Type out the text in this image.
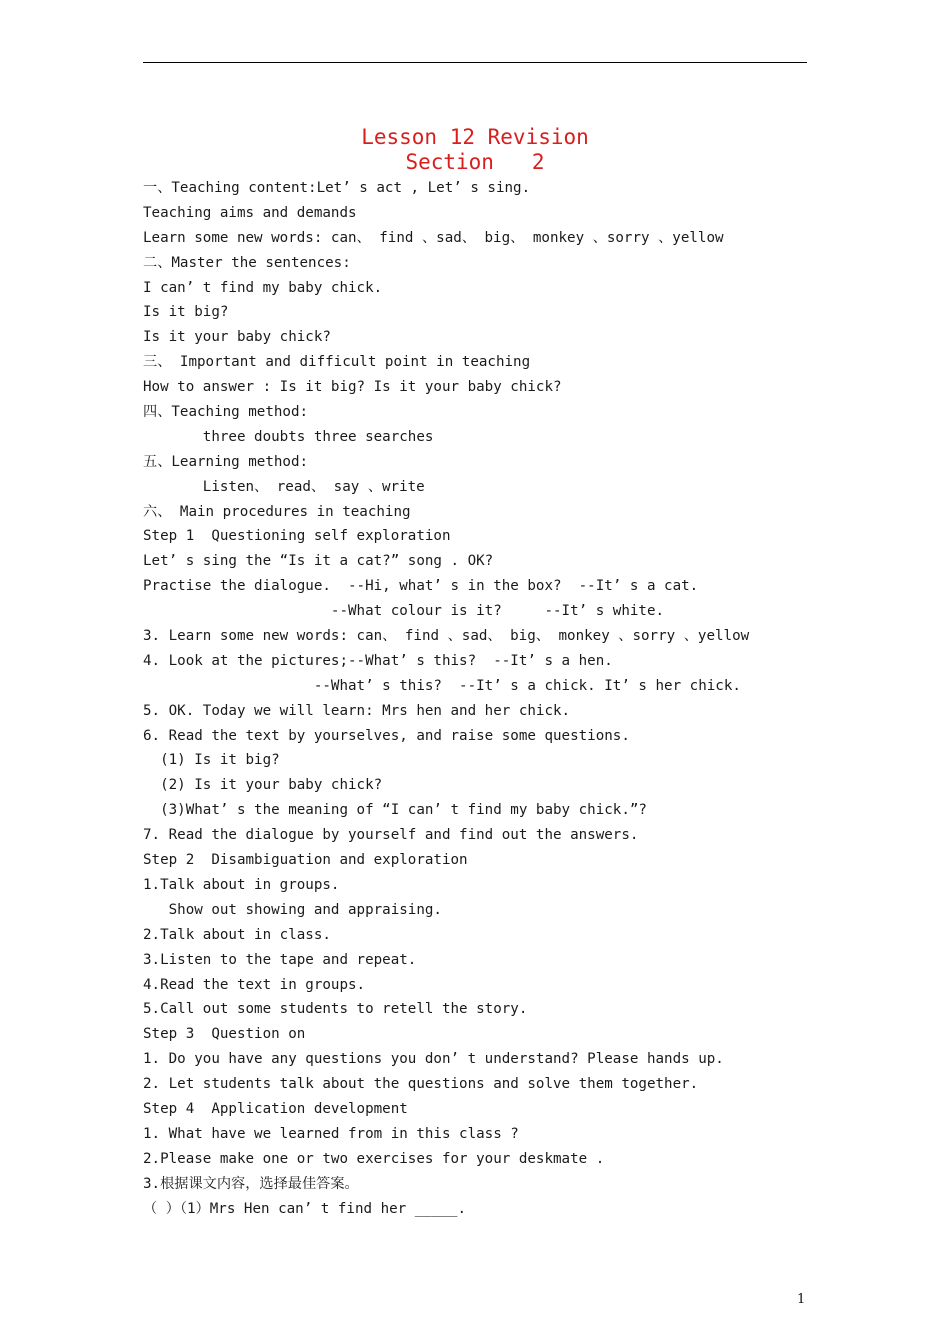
Lesson 12 Revision
Section   2
一、Teaching content:Let’ s act , Let’ s sing.
Teaching aims and demands
Learn some new words: can、 find 、sad、 big、 monkey 、sorry 、yellow
二、Master the sentences:
I can’ t find my baby chick.
Is it big?
Is it your baby chick?
三、 Important and difficult point in teaching
How to answer : Is it big? Is it your baby chick?
四、Teaching method:
three doubts three searches
五、Learning method:
Listen、 read、 say 、write
六、 Main procedures in teaching
Step 1  Questioning self exploration
Let’ s sing the “Is it a cat?” song . OK?
Practise the dialogue.  --Hi, what’ s in the box?  --It’ s a cat.
--What colour is it?     --It’ s white.
3. Learn some new words: can、 find 、sad、 big、 monkey 、sorry 、yellow
4. Look at the pictures;--What’ s this?  --It’ s a hen.
--What’ s this?  --It’ s a chick. It’ s her chick.
5. OK. Today we will learn: Mrs hen and her chick.
6. Read the text by yourselves, and raise some questions.
(1) Is it big?
(2) Is it your baby chick?
(3)What’ s the meaning of “I can’ t find my baby chick.”?
7. Read the dialogue by yourself and find out the answers.
Step 2  Disambiguation and exploration
1.Talk about in groups.
Show out showing and appraising.
2.Talk about in class.
3.Listen to the tape and repeat.
4.Read the text in groups.
5.Call out some students to retell the story.
Step 3  Question on
1. Do you have any questions you don’ t understand? Please hands up.
2. Let students talk about the questions and solve them together.
Step 4  Application development
1. What have we learned from in this class ?
2.Please make one or two exercises for your deskmate .
3.根据课文内容，选择最佳答案。
（ ）（1）Mrs Hen can’ t find her _____.
1
